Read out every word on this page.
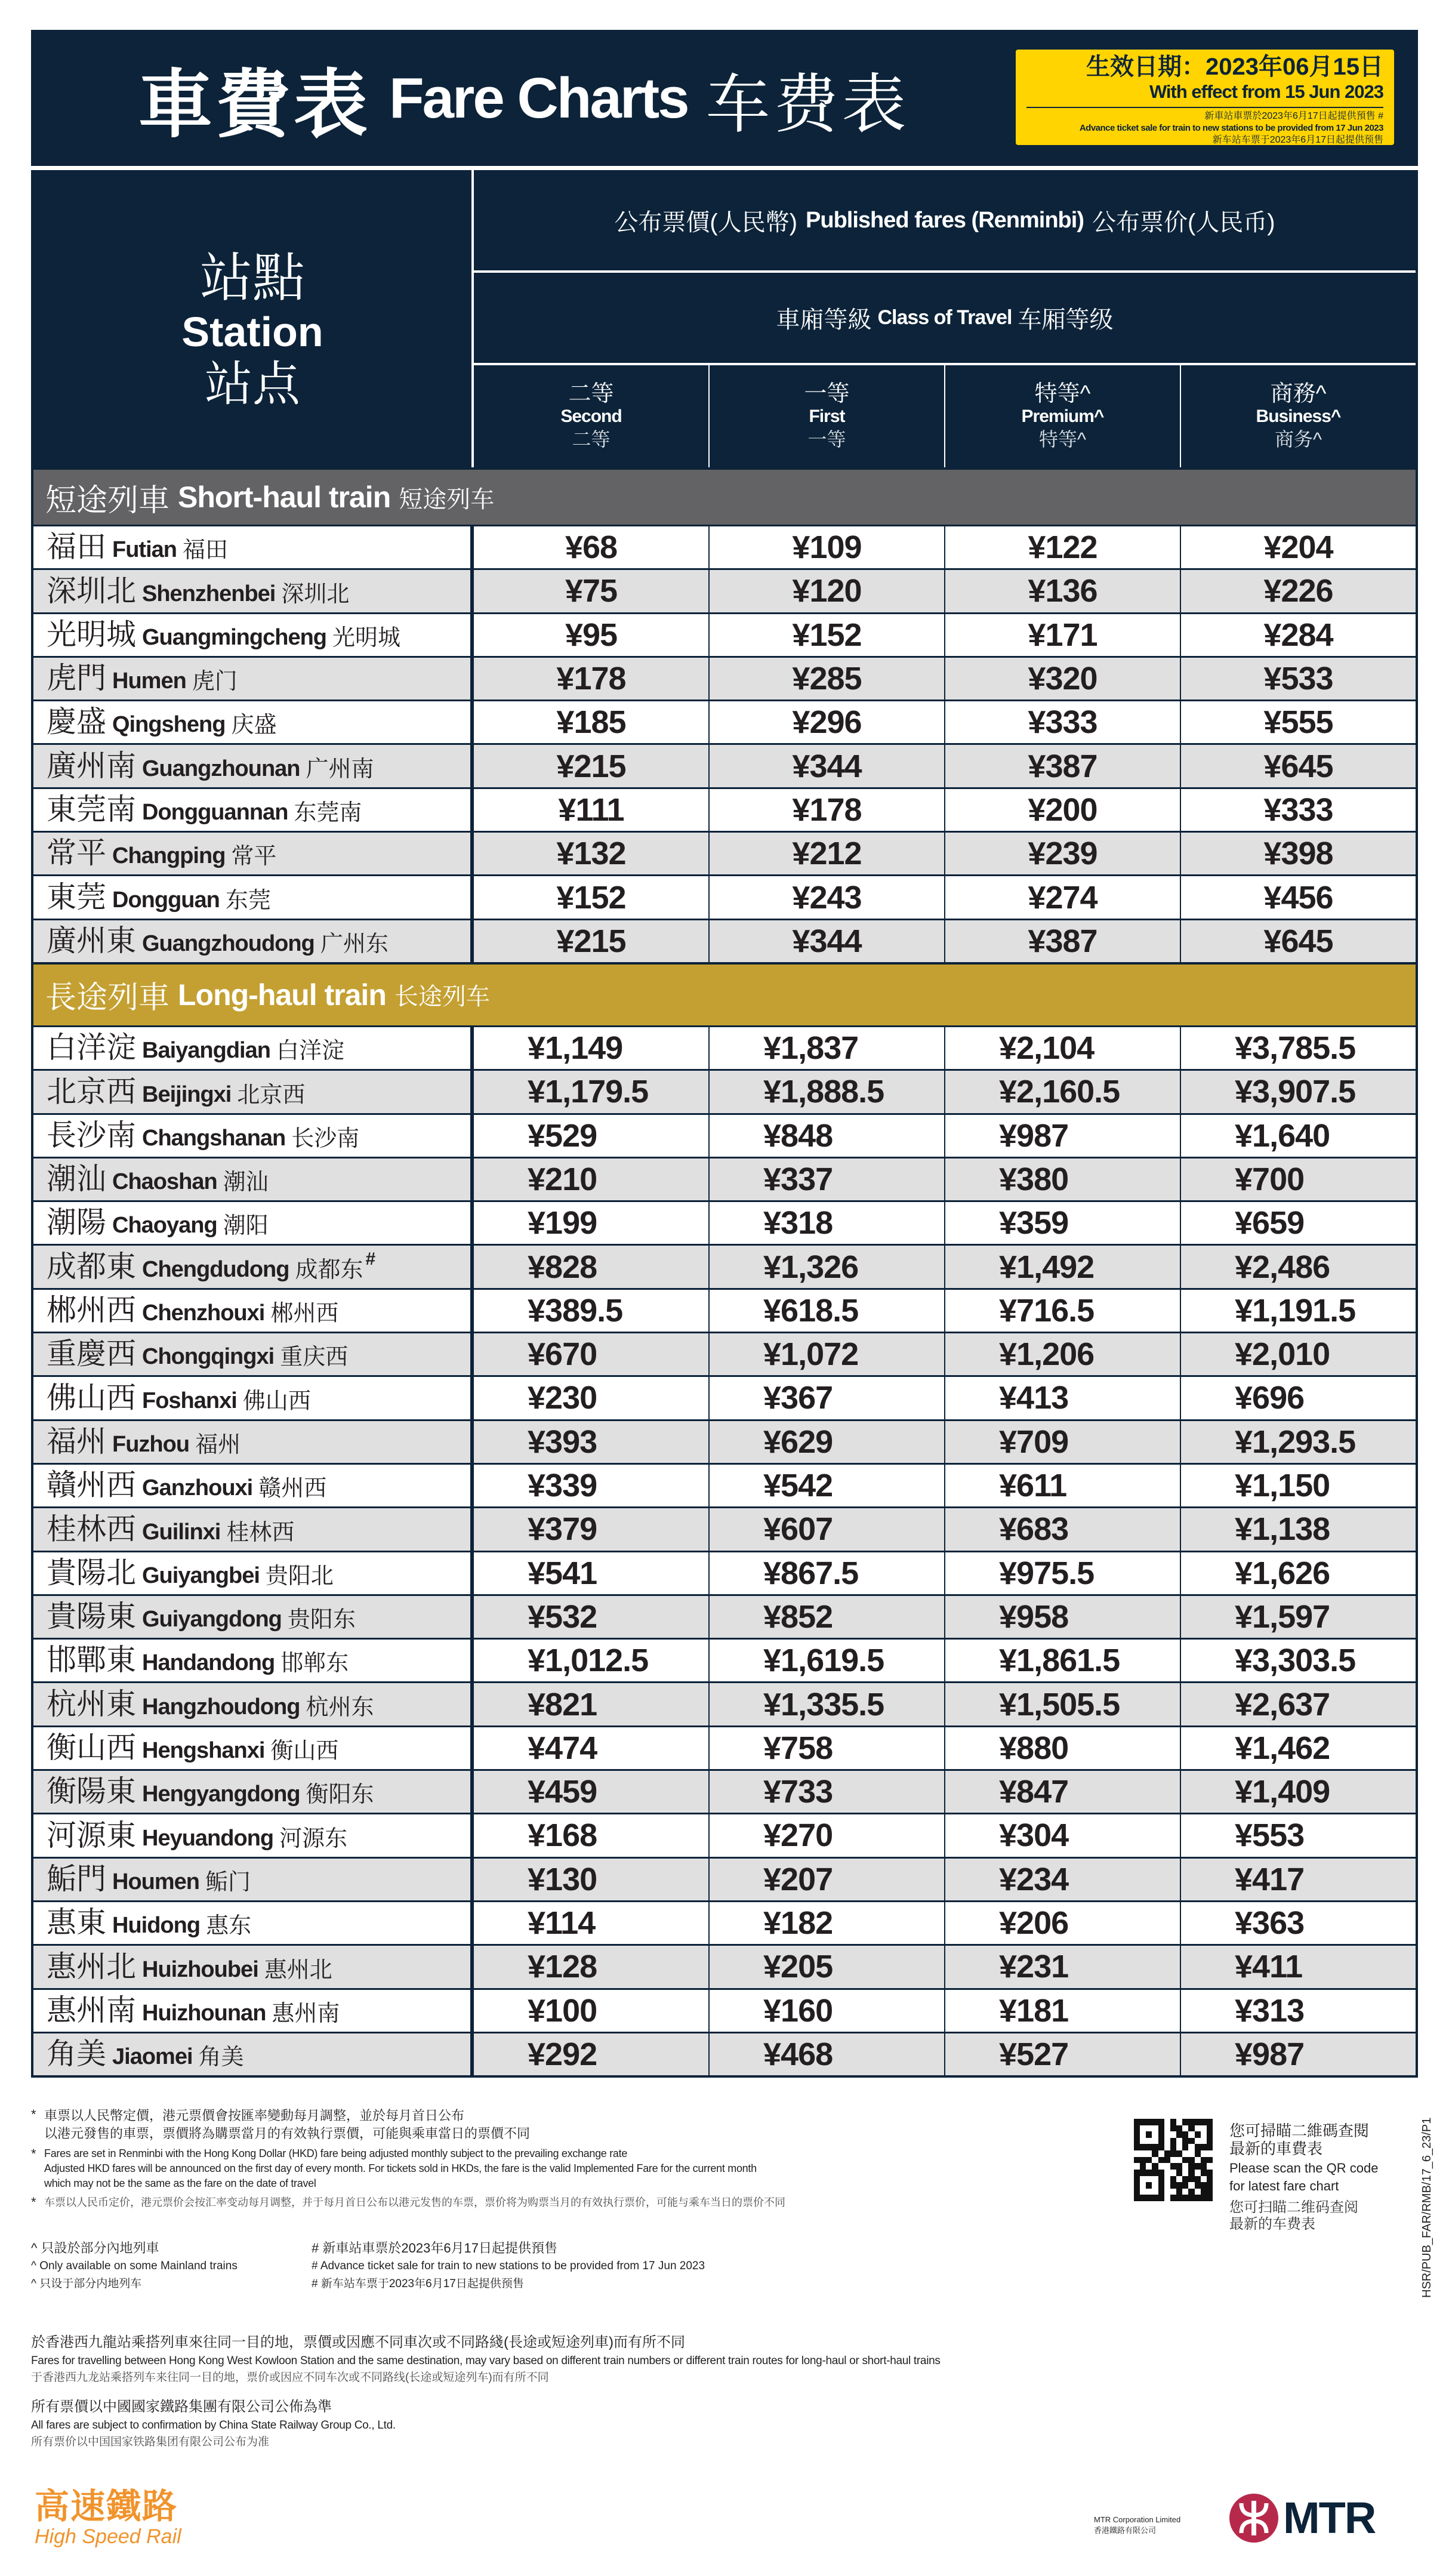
車費表 Fare Charts 车费表
生效日期：2023年06月15日
With effect from 15 Jun 2023
新車站車票於2023年6月17日起提供預售 #
Advance ticket sale for train to new stations to be provided from 17 Jun 2023
新车站车票于2023年6月17日起提供预售
站點
Station
站点
公布票價(人民幣) Published fares (Renminbi) 公布票价(人民币)
車廂等級 Class of Travel 车厢等级
二等
Second
二等
一等
First
一等
特等^
Premium^
特等^
商務^
Business^
商务^
短途列車 Short-haul train 短途列车
福田 Futian 福田	¥68	¥109	¥122	¥204
深圳北 Shenzhenbei 深圳北	¥75	¥120	¥136	¥226
光明城 Guangmingcheng 光明城	¥95	¥152	¥171	¥284
虎門 Humen 虎门	¥178	¥285	¥320	¥533
慶盛 Qingsheng 庆盛	¥185	¥296	¥333	¥555
廣州南 Guangzhounan 广州南	¥215	¥344	¥387	¥645
東莞南 Dongguannan 东莞南	¥111	¥178	¥200	¥333
常平 Changping 常平	¥132	¥212	¥239	¥398
東莞 Dongguan 东莞	¥152	¥243	¥274	¥456
廣州東 Guangzhoudong 广州东	¥215	¥344	¥387	¥645
長途列車 Long-haul train 长途列车
白洋淀 Baiyangdian 白洋淀	¥1,149	¥1,837	¥2,104	¥3,785.5
北京西 Beijingxi 北京西	¥1,179.5	¥1,888.5	¥2,160.5	¥3,907.5
長沙南 Changshanan 长沙南	¥529	¥848	¥987	¥1,640
潮汕 Chaoshan 潮汕	¥210	¥337	¥380	¥700
潮陽 Chaoyang 潮阳	¥199	¥318	¥359	¥659
成都東 Chengdudong 成都东 #	¥828	¥1,326	¥1,492	¥2,486
郴州西 Chenzhouxi 郴州西	¥389.5	¥618.5	¥716.5	¥1,191.5
重慶西 Chongqingxi 重庆西	¥670	¥1,072	¥1,206	¥2,010
佛山西 Foshanxi 佛山西	¥230	¥367	¥413	¥696
福州 Fuzhou 福州	¥393	¥629	¥709	¥1,293.5
贛州西 Ganzhouxi 赣州西	¥339	¥542	¥611	¥1,150
桂林西 Guilinxi 桂林西	¥379	¥607	¥683	¥1,138
貴陽北 Guiyangbei 贵阳北	¥541	¥867.5	¥975.5	¥1,626
貴陽東 Guiyangdong 贵阳东	¥532	¥852	¥958	¥1,597
邯鄲東 Handandong 邯郸东	¥1,012.5	¥1,619.5	¥1,861.5	¥3,303.5
杭州東 Hangzhoudong 杭州东	¥821	¥1,335.5	¥1,505.5	¥2,637
衡山西 Hengshanxi 衡山西	¥474	¥758	¥880	¥1,462
衡陽東 Hengyangdong 衡阳东	¥459	¥733	¥847	¥1,409
河源東 Heyuandong 河源东	¥168	¥270	¥304	¥553
鮜門 Houmen 鲘门	¥130	¥207	¥234	¥417
惠東 Huidong 惠东	¥114	¥182	¥206	¥363
惠州北 Huizhoubei 惠州北	¥128	¥205	¥231	¥411
惠州南 Huizhounan 惠州南	¥100	¥160	¥181	¥313
角美 Jiaomei 角美	¥292	¥468	¥527	¥987
* 車票以人民幣定價，港元票價會按匯率變動每月調整，並於每月首日公布
以港元發售的車票，票價將為購票當月的有效執行票價，可能與乘車當日的票價不同
* Fares are set in Renminbi with the Hong Kong Dollar (HKD) fare being adjusted monthly subject to the prevailing exchange rate
Adjusted HKD fares will be announced on the first day of every month. For tickets sold in HKDs, the fare is the valid Implemented Fare for the current month
which may not be the same as the fare on the date of travel
* 车票以人民币定价，港元票价会按汇率变动每月调整，并于每月首日公布以港元发售的车票，票价将为购票当月的有效执行票价，可能与乘车当日的票价不同
^ 只設於部分內地列車
^ Only available on some Mainland trains
^ 只设于部分内地列车
# 新車站車票於2023年6月17日起提供預售
# Advance ticket sale for train to new stations to be provided from 17 Jun 2023
# 新车站车票于2023年6月17日起提供预售
於香港西九龍站乘搭列車來往同一目的地，票價或因應不同車次或不同路綫(長途或短途列車)而有所不同
Fares for travelling between Hong Kong West Kowloon Station and the same destination, may vary based on different train numbers or different train routes for long-haul or short-haul trains
于香港西九龙站乘搭列车来往同一目的地，票价或因应不同车次或不同路线(长途或短途列车)而有所不同
所有票價以中國國家鐵路集團有限公司公佈為準
All fares are subject to confirmation by China State Railway Group Co., Ltd.
所有票价以中国国家铁路集团有限公司公布为准
您可掃瞄二維碼查閱
最新的車費表
Please scan the QR code
for latest fare chart
您可扫瞄二维码查阅
最新的车费表	HSR/PUB_FAR/RMB/17_6_23/P1
高速鐵路
High Speed Rail
MTR Corporation Limited
香港鐵路有限公司	MTR
